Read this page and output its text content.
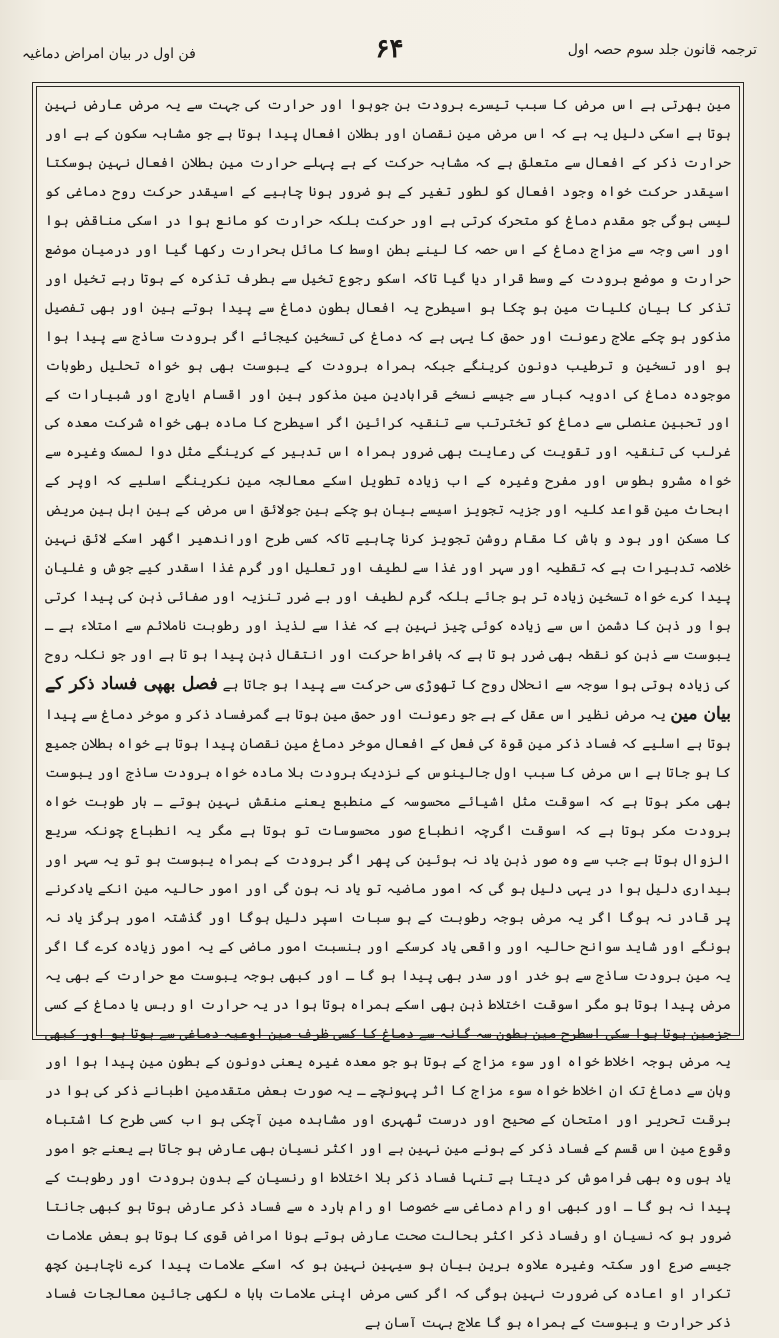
ترجمہ قانون جلد سوم حصہ اول
۶۴
فن اول در بیان امراض دماغیہ

مین بھرتی ہے اس مرض کا سبب تیسرے برودت بن جوہوا اور حرارت کی جہت سے یہ مرض عارض نہین ہوتا ہے اسکی دلیل یہ ہے کہ اس مرض مین نقصان اور بطلان افعال پیدا ہوتا ہے جو مشابہ سکون کے ہے اور حرارت ذکر کے افعال سے متعلق ہے کہ مشابہ حرکت کے ہے پہلے حرارت مین بطلان افعال نہین ہوسکتا اسیقدر حرکت خواہ وجود افعال کو لطور تغیر کے ہو ضرور ہونا چاہیے کے اسیقدر حرکت روح دماغی کو لیسی ہوگی جو مقدم دماغ کو متحرک کرتی ہے اور حرکت بلکہ حرارت کو مانع ہوا در اسکی مناقض ہوا اور اسی وجہ سے مزاج دماغ کے اس حصہ کا لینے بطن اوسط کا مائل بحرارت رکھا گیا اور درمیان موضع حرارت و موضع برودت کے وسط قرار دیا گیا تاکہ اسکو رجوع تخیل سے بطرف تذکرہ کے ہوتا رہے تخیل اور تذکر کا بیان کلیات مین ہو چکا ہو اسیطرح یہ افعال بطون دماغ سے پیدا ہوتے ہین اور بھی تفصیل مذکور ہو چکے علاج رعونت اور حمق کا یہی ہے کہ دماغ کی تسخین کیجائے اگر برودت ساذج سے پیدا ہوا ہو اور تسخین و ترطیب دونون کرینگے جبکہ ہمراہ برودت کے یبوست بھی ہو خواہ تحلیل رطوبات موجودہ دماغ کی ادویہ کبار سے جیسے نسخے قرابادین مین مذکور ہین اور اقسام ایارج اور شبیارات کے اور تحبین عنصلی سے دماغ کو تخترتب سے تنقیہ کرائین اگر اسیطرح کا مادہ بھی خواہ شرکت معدہ کی غرلب کی تنقیہ اور تقویت کی رعایت بھی ضرور ہمراہ اس تدبیر کے کرینگے مثل دوا لمسک وغیرہ سے خواہ مشرو بطوس اور مفرح وغیرہ کے اب زیادہ تطویل اسکے معالجہ مین نکرینگے اسلیے کہ اوپر کے ابحاث مین قواعد کلیہ اور جزیہ تجویز اسیسے بیان ہو چکے ہین جولائق اس مرض کے ہین اہل ہین مریض کا مسکن اور بود و باش کا مقام روشن تجویز کرنا چاہیے تاکہ کسی طرح اوراندھیر اگھر اسکے لائق نہین خلاصہ تدبیرات ہے کہ تقطیہ اور سہر اور غذا سے لطیف اور تعلیل اور گرم غذا اسقدر کیے جوش و غلیان پیدا کرے خواہ تسخین زیادہ تر ہو جائے بلکہ گرم لطیف اور بے ضرر تنزیہ اور صفائی ذہن کی پیدا کرتی ہوا ور ذہن کا دشمن اس سے زیادہ کوئی چیز نہین ہے کہ غذا سے لذیذ اور رطوبت ناملائم سے امتلاء ہے ـ یبوست سے ذہن کو نقطہ بھی ضرر ہو تا ہے کہ بافراط حرکت اور انتقال ذہن پیدا ہو تا ہے اور جو نکلہ روح کی زیادہ ہوتی ہوا سوجہ سے انحلال روح کا تھوڑی سی حرکت سے پیدا ہو جاتا ہے فصل بھپی فساد ذکر کے بیان مین یہ مرض نظیر اس عقل کے ہے جو رعونت اور حمق مین ہوتا ہے گمرفساد ذکر و موخر دماغ سے پیدا ہوتا ہے اسلیے کہ فساد ذکر مین قوۃ کی فعل کے افعال موخر دماغ مین نقصان پیدا ہوتا ہے خواہ بطلان جمیع کا ہو جاتا ہے اس مرض کا سبب اول جالینوس کے نزدیک برودت بلا مادہ خواہ برودت ساذج اور یبوست بھی مکر ہوتا ہے کہ اسوقت مثل اشیائے محسوسہ کے منطبع یعنے منقش نہین ہوتے ـ بار طوبت خواہ برودت مکر ہوتا ہے کہ اسوقت اگرچہ انطباع صور محسوسات تو ہوتا ہے مگر یہ انطباع چونکہ سریع الزوال ہوتا ہے جب سے وہ صور ذہن یاد نہ ہوئین کی پھر اگر برودت کے ہمراہ یبوست ہو تو یہ سہر اور بیداری دلیل ہوا در یہی دلیل ہو گی کہ امور ماضیہ تو یاد نہ ہون گی اور امور حالیہ مین انکے یادکرنے پر قادر نہ ہوگا اگر یہ مرض بوجہ رطوبت کے ہو سبات اسپر دلیل ہوگا اور گذشتہ امور ہرگز یاد نہ ہونگے اور شاید سوانح حالیہ اور واقعی یاد کرسکے اور بنسبت امور ماضی کے یہ امور زیادہ کرے گا اگر یہ مین برودت ساذج سے ہو خدر اور سدر بھی پیدا ہو گا ـ اور کبھی بوجہ یبوست مع حرارت کے بھی یہ مرض پیدا ہوتا ہو مگر اسوقت اختلاط ذہن بھی اسکے ہمراہ ہوتا ہوا در یہ حرارت او ربس یا دماغ کے کسی جزمین ہوتا ہوا سکی اسطرح مین بطون سہ گانہ سے دماغ کا کسی ظرف مین اوعیہ دماغی سے ہوتا ہو اور کبھی یہ مرض بوجہ اخلاط خواہ اور سوء مزاج کے ہوتا ہو جو معدہ غیرہ یعنی دونون کے بطون مین پیدا ہوا اور وہان سے دماغ تک ان اخلاط خواہ سوء مزاج کا اثر پہونچے ـ یہ صورت بعض متقدمین اطبانے ذکر کی ہوا در برقت تحریر اور امتحان کے صحیح اور درست ٹھہری اور مشاہدہ مین آچکی ہو اب کسی طرح کا اشتباہ وقوع مین اس قسم کے فساد ذکر کے ہونے مین نہین ہے اور اکثر نسیان بھی عارض ہو جاتا ہے یعنے جو امور یاد ہوں وہ بھی فراموش کر دیتا ہے تنہا فساد ذکر بلا اختلاط او رنسیان کے بدون برودت اور رطوبت کے پیدا نہ ہو گا ـ اور کبھی او رام دماغی سے خصوصا او رام بارد ہ سے فساد ذکر عارض ہوتا ہو کبھی جانتا ضرور ہو کہ نسیان او رفساد ذکر اکثر بحالت صحت عارض ہوتے ہونا امراض قوی کا ہوتا ہو بعض علامات جیسے صرع اور سکتہ وغیرہ علاوہ برین بیان ہو سیہین نہین ہو کہ اسکے علامات پیدا کرے ناچاہین کچھ تکرار او اعادہ کی ضرورت نہین ہوگی کہ اگر کسی مرض اپنی علامات بابا ہ لکھی جائین معالجات فساد ذکر حرارت و یبوست کے ہمراہ ہو گا علاج بہت آسان ہے
